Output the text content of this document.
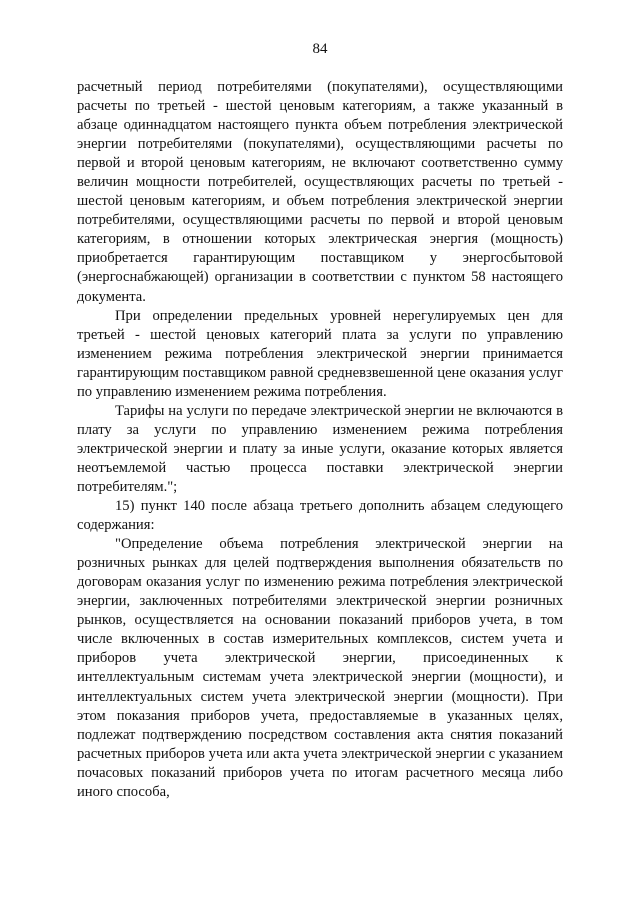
84

расчетный период потребителями (покупателями), осуществляющими расчеты по третьей - шестой ценовым категориям, а также указанный в абзаце одиннадцатом настоящего пункта объем потребления электрической энергии потребителями (покупателями), осуществляющими расчеты по первой и второй ценовым категориям, не включают соответственно сумму величин мощности потребителей, осуществляющих расчеты по третьей - шестой ценовым категориям, и объем потребления электрической энергии потребителями, осуществляющими расчеты по первой и второй ценовым категориям, в отношении которых электрическая энергия (мощность) приобретается гарантирующим поставщиком у энергосбытовой (энергоснабжающей) организации в соответствии с пунктом 58 настоящего документа.

При определении предельных уровней нерегулируемых цен для третьей - шестой ценовых категорий плата за услуги по управлению изменением режима потребления электрической энергии принимается гарантирующим поставщиком равной средневзвешенной цене оказания услуг по управлению изменением режима потребления.

Тарифы на услуги по передаче электрической энергии не включаются в плату за услуги по управлению изменением режима потребления электрической энергии и плату за иные услуги, оказание которых является неотъемлемой частью процесса поставки электрической энергии потребителям.";

15) пункт 140 после абзаца третьего дополнить абзацем следующего содержания:

"Определение объема потребления электрической энергии на розничных рынках для целей подтверждения выполнения обязательств по договорам оказания услуг по изменению режима потребления электрической энергии, заключенных потребителями электрической энергии розничных рынков, осуществляется на основании показаний приборов учета, в том числе включенных в состав измерительных комплексов, систем учета и приборов учета электрической энергии, присоединенных к интеллектуальным системам учета электрической энергии (мощности), и интеллектуальных систем учета электрической энергии (мощности). При этом показания приборов учета, предоставляемые в указанных целях, подлежат подтверждению посредством составления акта снятия показаний расчетных приборов учета или акта учета электрической энергии с указанием почасовых показаний приборов учета по итогам расчетного месяца либо иного способа,
